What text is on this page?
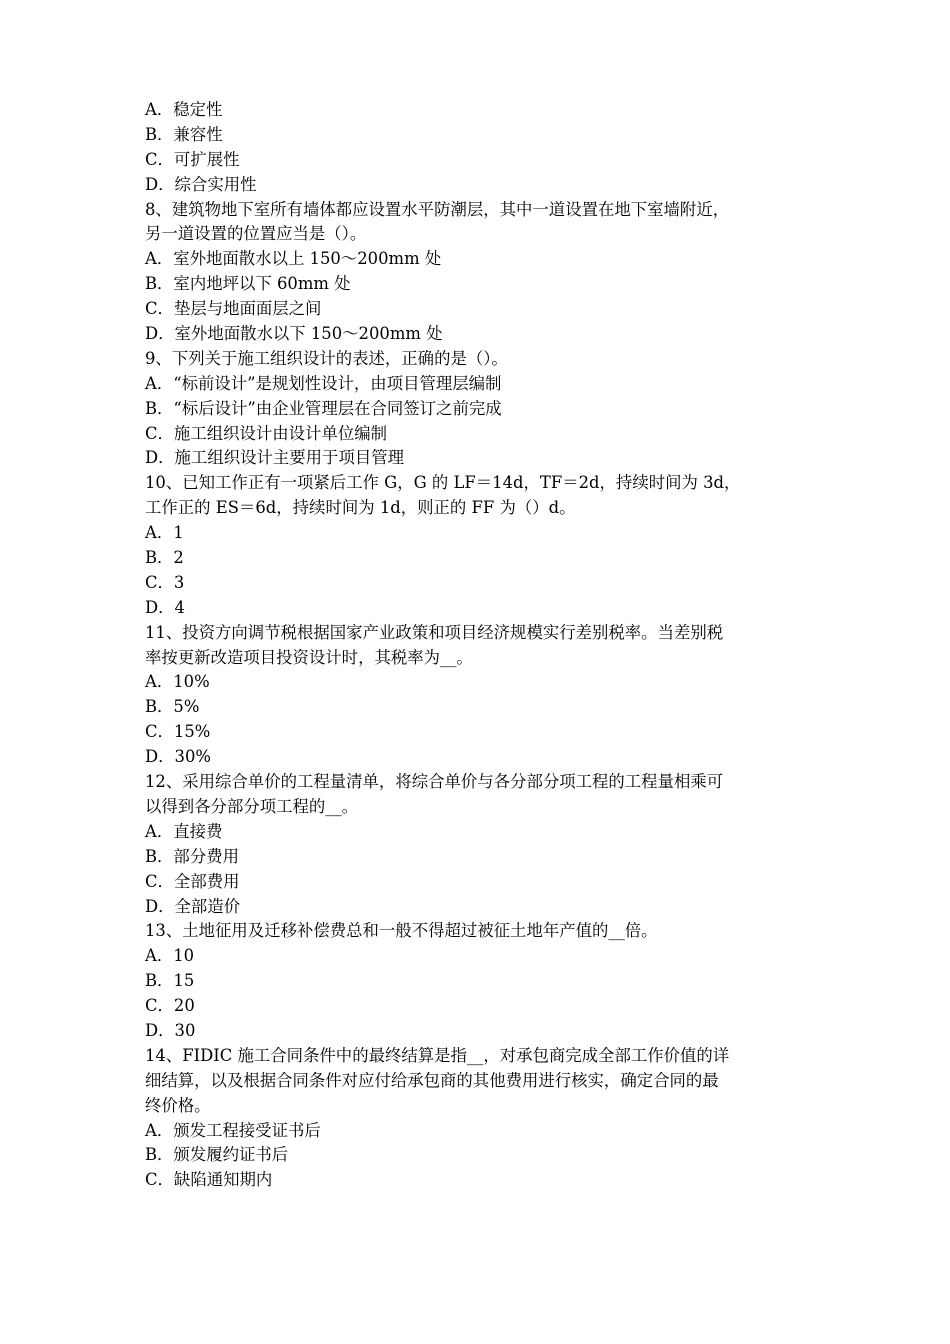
A．稳定性
B．兼容性
C．可扩展性
D．综合实用性
8、建筑物地下室所有墙体都应设置水平防潮层，其中一道设置在地下室墙附近，
另一道设置的位置应当是（）。
A．室外地面散水以上 150～200mm 处
B．室内地坪以下 60mm 处
C．垫层与地面面层之间
D．室外地面散水以下 150～200mm 处
9、下列关于施工组织设计的表述，正确的是（）。
A．“标前设计”是规划性设计，由项目管理层编制
B．“标后设计”由企业管理层在合同签订之前完成
C．施工组织设计由设计单位编制
D．施工组织设计主要用于项目管理
10、已知工作正有一项紧后工作 G，G 的 LF＝14d，TF＝2d，持续时间为 3d，
工作正的 ES＝6d，持续时间为 1d，则正的 FF 为（）d。
A．1
B．2
C．3
D．4
11、投资方向调节税根据国家产业政策和项目经济规模实行差别税率。当差别税
率按更新改造项目投资设计时，其税率为__。
A．10%
B．5%
C．15%
D．30%
12、采用综合单价的工程量清单，将综合单价与各分部分项工程的工程量相乘可
以得到各分部分项工程的__。
A．直接费
B．部分费用
C．全部费用
D．全部造价
13、土地征用及迁移补偿费总和一般不得超过被征土地年产值的__倍。
A．10
B．15
C．20
D．30
14、FIDIC 施工合同条件中的最终结算是指__，对承包商完成全部工作价值的详
细结算，以及根据合同条件对应付给承包商的其他费用进行核实，确定合同的最
终价格。
A．颁发工程接受证书后
B．颁发履约证书后
C．缺陷通知期内
